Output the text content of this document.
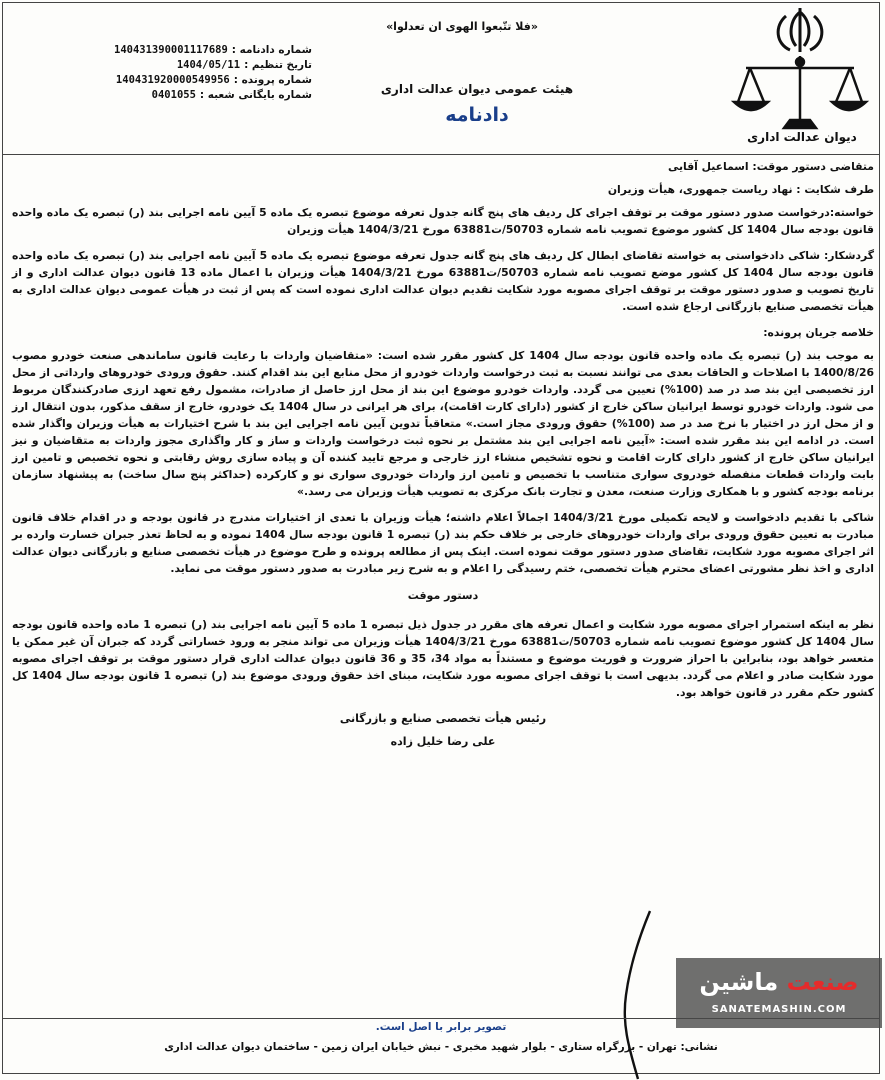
دیوان عدالت اداری
«فلا تتّبعوا الهوی ان تعدلوا»
هیئت عمومی دیوان عدالت اداری
دادنامه
شماره دادنامه :
140431390001117689
تاریخ تنظیم :
1404/05/11
شماره پرونده :
140431920000549956
شماره بایگانی شعبه :
0401055
متقاضی دستور موقت: اسماعیل آقایی
طرف شکایت : نهاد ریاست جمهوری، هیأت وزیران
خواسته:درخواست صدور دستور موقت بر توقف اجرای کل ردیف های پنج گانه جدول تعرفه موضوع تبصره یک ماده 5 آیین نامه اجرایی بند (ر) تبصره یک ماده واحده قانون بودجه سال 1404 کل کشور موضوع تصویب نامه شماره 50703/ت63881 مورخ 1404/3/21 هیأت وزیران
گردشکار: شاکی دادخواستی به خواسته تقاضای ابطال کل ردیف های پنج گانه جدول تعرفه موضوع تبصره یک ماده 5 آیین نامه اجرایی بند (ر) تبصره یک ماده واحده قانون بودجه سال 1404 کل کشور موضع تصویب نامه شماره 50703/ت63881 مورخ 1404/3/21 هیأت وزیران با اعمال ماده 13 قانون دیوان عدالت اداری و از تاریخ تصویب و صدور دستور موقت بر توقف اجرای مصوبه مورد شکایت تقدیم دیوان عدالت اداری نموده است که پس از ثبت در هیأت عمومی دیوان عدالت اداری به هیأت تخصصی صنایع بازرگانی ارجاع شده است.
خلاصه جریان پرونده:
به موجب بند (ر) تبصره یک ماده واحده قانون بودجه سال 1404 کل کشور مقرر شده است: «متقاضیان واردات با رعایت قانون ساماندهی صنعت خودرو مصوب 1400/8/26 با اصلاحات و الحاقات بعدی می توانند نسبت به ثبت درخواست واردات خودرو از محل منابع این بند اقدام کنند. حقوق ورودی خودروهای وارداتی از محل ارز تخصیصی این بند صد در صد (100%) تعیین می گردد. واردات خودرو موضوع این بند از محل ارز حاصل از صادرات، مشمول رفع تعهد ارزی صادرکنندگان مربوط می شود. واردات خودرو توسط ایرانیان ساکن خارج از کشور (دارای کارت اقامت)، برای هر ایرانی در سال 1404 یک خودرو، خارج از سقف مذکور، بدون انتقال ارز و از محل ارز در اختیار با نرخ صد در صد (100%) حقوق ورودی مجاز است.» متعاقباً تدوین آیین نامه اجرایی این بند با شرح اختیارات به هیأت وزیران واگذار شده است. در ادامه این بند مقرر شده است: «آیین نامه اجرایی این بند مشتمل بر نحوه ثبت درخواست واردات و ساز و کار واگذاری مجوز واردات به متقاضیان و نیز ایرانیان ساکن خارج از کشور دارای کارت اقامت و نحوه تشخیص منشاء ارز خارجی و مرجع تایید کننده آن و پیاده سازی روش رقابتی و نحوه تخصیص و تامین ارز بابت واردات قطعات منفصله خودروی سواری متناسب با تخصیص و تامین ارز واردات خودروی سواری نو و کارکرده (حداکثر پنج سال ساخت) به پیشنهاد سازمان برنامه بودجه کشور و با همکاری وزارت صنعت، معدن و تجارت بانک مرکزی به تصویب هیأت وزیران می رسد.»
شاکی با تقدیم دادخواست و لایحه تکمیلی مورخ 1404/3/21 اجمالاً اعلام داشته؛ هیأت وزیران با تعدی از اختیارات مندرج در قانون بودجه و در اقدام خلاف قانون مبادرت به تعیین حقوق ورودی برای واردات خودروهای خارجی بر خلاف حکم بند (ر) تبصره 1 قانون بودجه سال 1404 نموده و به لحاظ تعذر جبران خسارت وارده بر اثر اجرای مصوبه مورد شکایت، تقاضای صدور دستور موقت نموده است. اینک پس از مطالعه پرونده و طرح موضوع در هیأت تخصصی صنایع و بازرگانی دیوان عدالت اداری و اخذ نظر مشورتی اعضای محترم هیأت تخصصی، ختم رسیدگی را اعلام و به شرح زیر مبادرت به صدور دستور موقت می نماید.
دستور موقت
نظر به اینکه استمرار اجرای مصوبه مورد شکایت و اعمال تعرفه های مقرر در جدول ذیل تبصره 1 ماده 5 آیین نامه اجرایی بند (ر) تبصره 1 ماده واحده قانون بودجه سال 1404 کل کشور موضوع تصویب نامه شماره 50703/ت63881 مورخ 1404/3/21 هیأت وزیران می تواند منجر به ورود خساراتی گردد که جبران آن غیر ممکن یا متعسر خواهد بود، بنابراین با احراز ضرورت و فوریت موضوع و مستنداً به مواد 34، 35 و 36 قانون دیوان عدالت اداری قرار دستور موقت بر توقف اجرای مصوبه مورد شکایت صادر و اعلام می گردد. بدیهی است با توقف اجرای مصوبه مورد شکایت، مبنای اخذ حقوق ورودی موضوع بند (ر) تبصره 1 قانون بودجه سال 1404 کل کشور حکم مقرر در قانون خواهد بود.
رئیس هیأت تخصصی صنایع و بازرگانی
علی رضا خلیل زاده
تصویر برابر با اصل است.
نشانی: تهران - بزرگراه ستاری - بلوار شهید مخبری - نبش خیابان ایران زمین - ساختمان دیوان عدالت اداری
صنعت ماشین
SANATEMASHIN.COM
